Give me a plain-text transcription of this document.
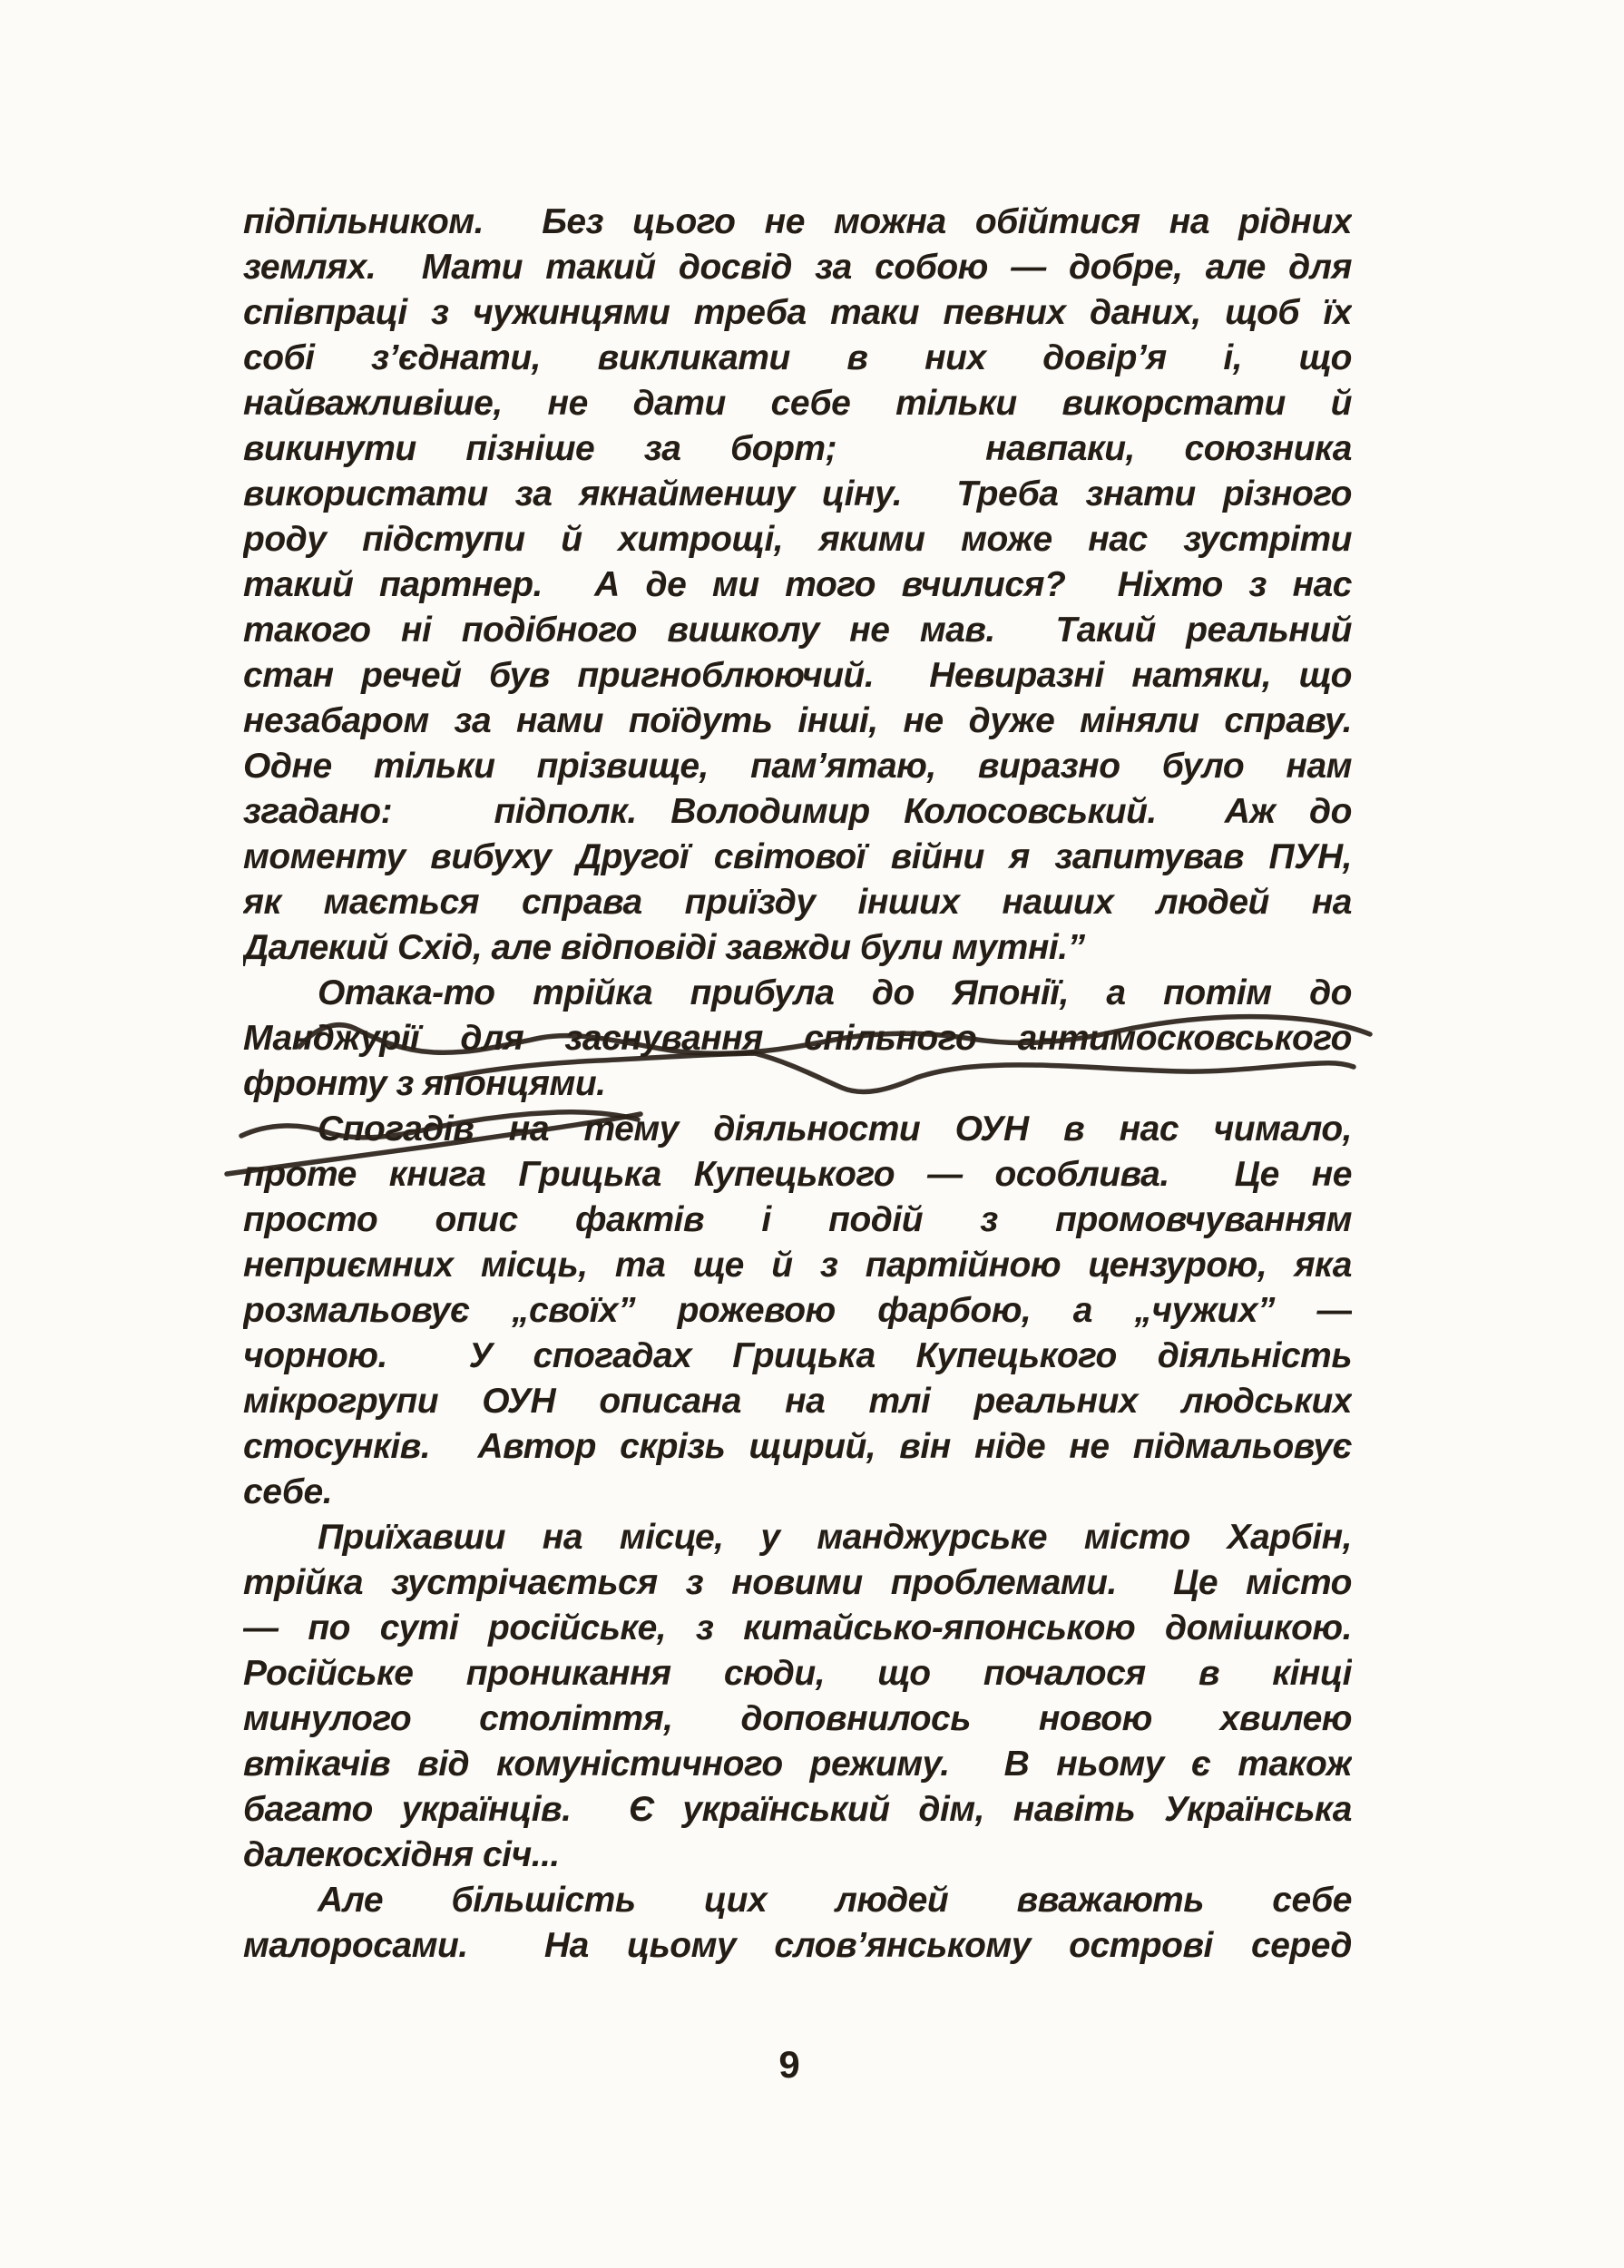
підпільником.  Без цього не можна обійтися на рідних
землях.  Мати такий досвід за собою — добре, але для
співпраці з чужинцями треба таки певних даних, щоб їх
собі з’єднати, викликати в них довір’я і, що
найважливіше, не дати себе тільки викорстати й
викинути пізніше за борт;   навпаки, союзника
використати за якнайменшу ціну.  Треба знати різного
роду підступи й хитрощі, якими може нас зустріти
такий партнер.  А де ми того вчилися?  Ніхто з нас
такого ні подібного вишколу не мав.  Такий реальний
стан речей був пригноблюючий.  Невиразні натяки, що
незабаром за нами поїдуть інші, не дуже міняли справу.
Одне тільки прізвище, пам’ятаю, виразно було нам
згадано:   підполк. Володимир Колосовський.  Аж до
моменту вибуху Другої світової війни я запитував ПУН,
як мається справа приїзду інших наших людей на
Далекий Схід, але відповіді завжди були мутні.”
Отака-то трійка прибула до Японії, а потім до
Манджурії для заснування спільного антимосковського
фронту з японцями.
Спогадів на тему діяльности ОУН в нас чимало,
проте книга Грицька Купецького — особлива.  Це не
просто опис фактів і подій з промовчуванням
неприємних місць, та ще й з партійною цензурою, яка
розмальовує „своїх” рожевою фарбою, а „чужих” —
чорною.  У спогадах Грицька Купецького діяльність
мікрогрупи ОУН описана на тлі реальних людських
стосунків.  Автор скрізь щирий, він ніде не підмальовує
себе.
Приїхавши на місце, у манджурське місто Харбін,
трійка зустрічається з новими проблемами.  Це місто
— по суті російське, з китайсько-японською домішкою.
Російське проникання сюди, що почалося в кінці
минулого століття, доповнилось новою хвилею
втікачів від комуністичного режиму.  В ньому є також
багато українців.  Є український дім, навіть Українська
далекосхідня січ...
Але більшість цих людей вважають себе
малоросами.  На цьому слов’янському острові серед
9
